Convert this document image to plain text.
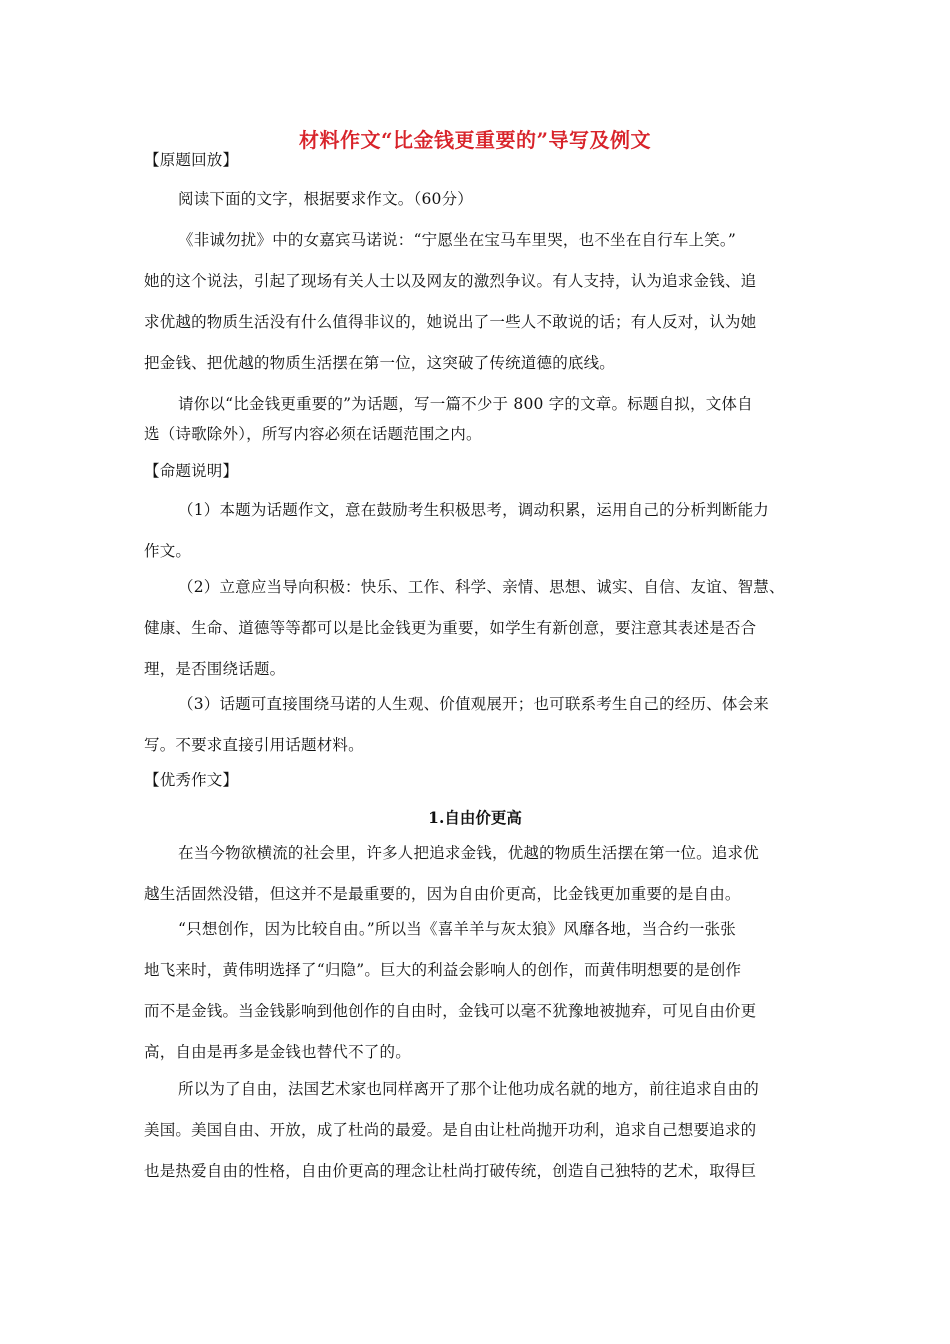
材料作文“比金钱更重要的”导写及例文
【原题回放】
阅读下面的文字，根据要求作文。（60分）
《非诚勿扰》中的女嘉宾马诺说：“宁愿坐在宝马车里哭，也不坐在自行车上笑。”
她的这个说法，引起了现场有关人士以及网友的激烈争议。有人支持，认为追求金钱、追
求优越的物质生活没有什么值得非议的，她说出了一些人不敢说的话；有人反对，认为她
把金钱、把优越的物质生活摆在第一位，这突破了传统道德的底线。
请你以“比金钱更重要的”为话题，写一篇不少于 800 字的文章。标题自拟，文体自
选（诗歌除外），所写内容必须在话题范围之内。
【命题说明】
（1）本题为话题作文，意在鼓励考生积极思考，调动积累，运用自己的分析判断能力
作文。
（2）立意应当导向积极：快乐、工作、科学、亲情、思想、诚实、自信、友谊、智慧、
健康、生命、道德等等都可以是比金钱更为重要，如学生有新创意，要注意其表述是否合
理，是否围绕话题。
（3）话题可直接围绕马诺的人生观、价值观展开；也可联系考生自己的经历、体会来
写。不要求直接引用话题材料。
【优秀作文】
1.自由价更高
在当今物欲横流的社会里，许多人把追求金钱，优越的物质生活摆在第一位。追求优
越生活固然没错，但这并不是最重要的，因为自由价更高，比金钱更加重要的是自由。
“只想创作，因为比较自由。”所以当《喜羊羊与灰太狼》风靡各地，当合约一张张
地飞来时，黄伟明选择了“归隐”。巨大的利益会影响人的创作，而黄伟明想要的是创作
而不是金钱。当金钱影响到他创作的自由时，金钱可以毫不犹豫地被抛弃，可见自由价更
高，自由是再多是金钱也替代不了的。
所以为了自由，法国艺术家也同样离开了那个让他功成名就的地方，前往追求自由的
美国。美国自由、开放，成了杜尚的最爱。是自由让杜尚抛开功利，追求自己想要追求的
也是热爱自由的性格，自由价更高的理念让杜尚打破传统，创造自己独特的艺术，取得巨
